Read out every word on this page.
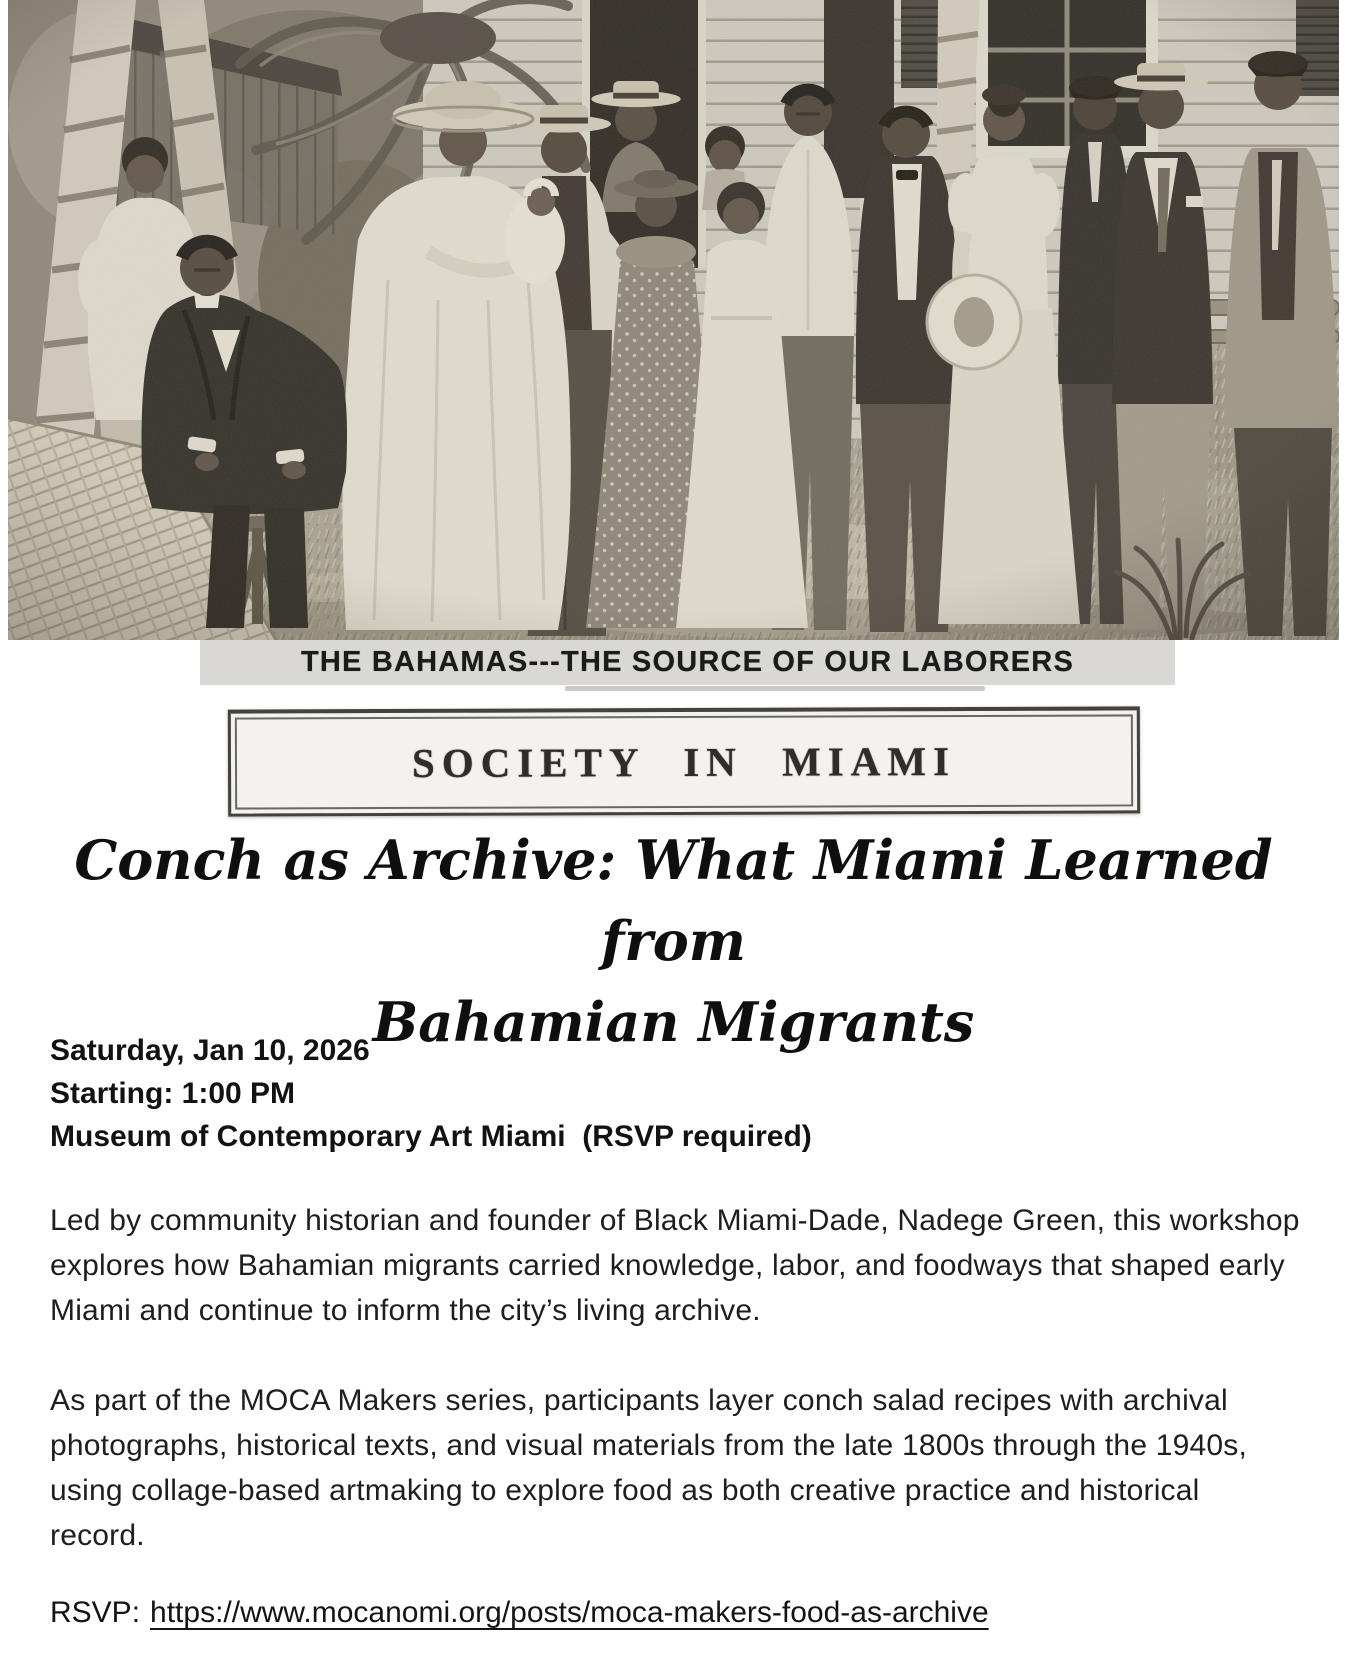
THE BAHAMAS---THE SOURCE OF OUR LABORERS
SOCIETY IN MIAMI
Conch as Archive: What Miami Learned from
Bahamian Migrants
Saturday, Jan 10, 2026
Starting: 1:00 PM
Museum of Contemporary Art Miami  (RSVP required)

Led by community historian and founder of Black Miami-Dade, Nadege Green, this workshop explores how Bahamian migrants carried knowledge, labor, and foodways that shaped early Miami and continue to inform the city’s living archive.

As part of the MOCA Makers series, participants layer conch salad recipes with archival photographs, historical texts, and visual materials from the late 1800s through the 1940s, using collage-based artmaking to explore food as both creative practice and historical record.

RSVP: https://www.mocanomi.org/posts/moca-makers-food-as-archive
